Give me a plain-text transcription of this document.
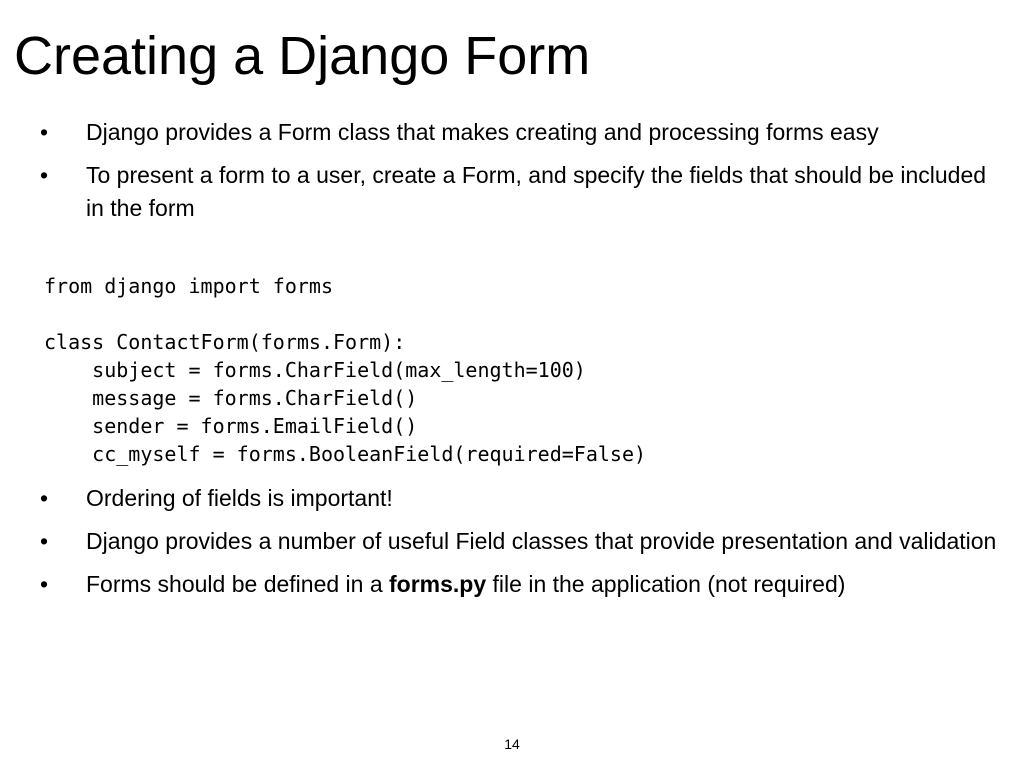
Creating a Django Form
• Django provides a Form class that makes creating and processing forms easy
• To present a form to a user, create a Form, and specify the fields that should be included in the form
from django import forms

class ContactForm(forms.Form):
subject = forms.CharField(max_length=100)
message = forms.CharField()
sender = forms.EmailField()
cc_myself = forms.BooleanField(required=False)
• Ordering of fields is important!
• Django provides a number of useful Field classes that provide presentation and validation
• Forms should be defined in a forms.py file in the application (not required)
14
